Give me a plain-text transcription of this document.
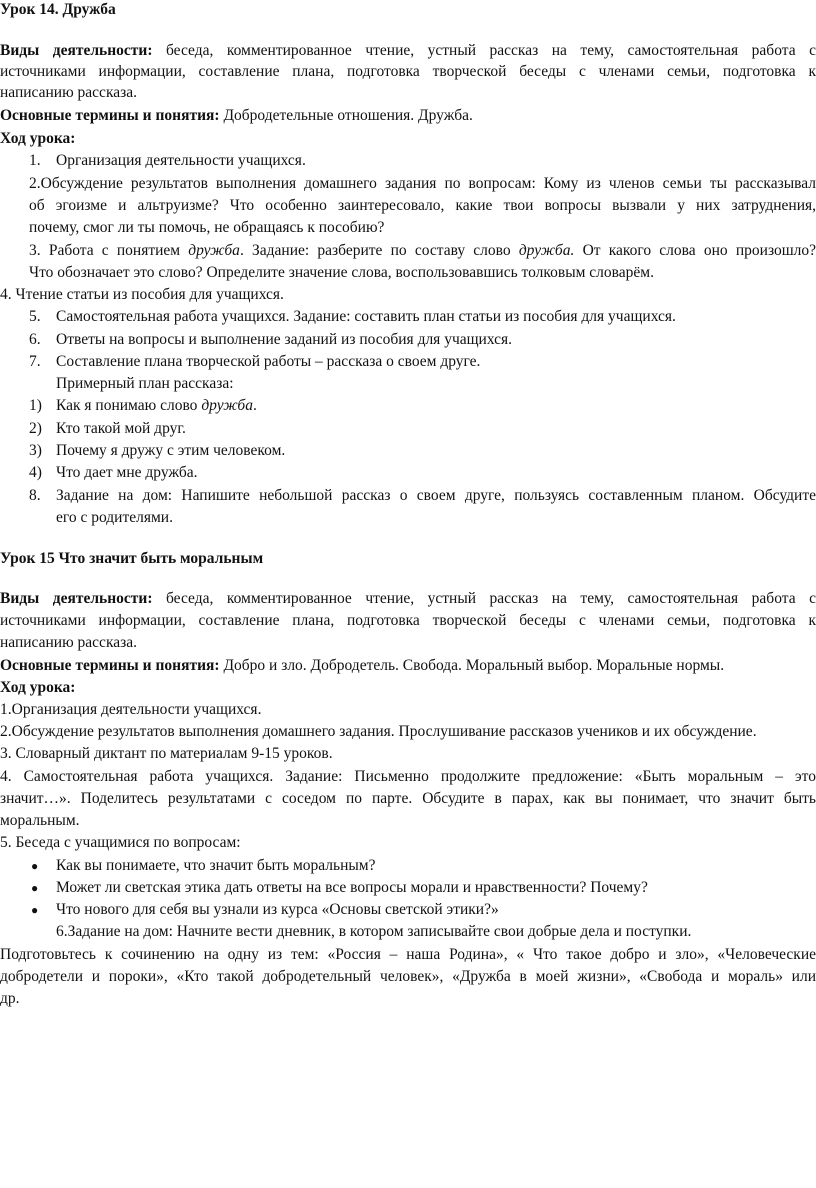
Урок 14. Дружба
Виды деятельности: беседа, комментированное чтение, устный рассказ на тему, самостоятельная работа с
источниками информации, составление плана, подготовка творческой беседы с членами семьи, подготовка к
написанию рассказа.
Основные термины и понятия: Добродетельные отношения. Дружба.
Ход урока:
1. Организация деятельности учащихся.
2.Обсуждение результатов выполнения домашнего задания по вопросам: Кому из членов семьи ты рассказывал
об эгоизме и альтруизме? Что особенно заинтересовало, какие твои вопросы вызвали у них затруднения,
почему, смог ли ты помочь, не обращаясь к пособию?
3. Работа с понятием дружба. Задание: разберите по составу слово дружба. От какого слова оно произошло?
Что обозначает это слово? Определите значение слова, воспользовавшись толковым словарём.
4. Чтение статьи из пособия для учащихся.
5. Самостоятельная работа учащихся. Задание: составить план статьи из пособия для учащихся.
6. Ответы на вопросы и выполнение заданий из пособия для учащихся.
7. Составление плана творческой работы – рассказа о своем друге.
Примерный план рассказа:
1) Как я понимаю слово дружба.
2) Кто такой мой друг.
3) Почему я дружу с этим человеком.
4) Что дает мне дружба.
8. Задание на дом: Напишите небольшой рассказ о своем друге, пользуясь составленным планом. Обсудите
его с родителями.
Урок 15 Что значит быть моральным
Виды деятельности: беседа, комментированное чтение, устный рассказ на тему, самостоятельная работа с
источниками информации, составление плана, подготовка творческой беседы с членами семьи, подготовка к
написанию рассказа.
Основные термины и понятия: Добро и зло. Добродетель. Свобода. Моральный выбор. Моральные нормы.
Ход урока:
1.Организация деятельности учащихся.
2.Обсуждение результатов выполнения домашнего задания. Прослушивание рассказов учеников и их обсуждение.
3. Словарный диктант по материалам 9-15 уроков.
4. Самостоятельная работа учащихся. Задание: Письменно продолжите предложение: «Быть моральным – это
значит…». Поделитесь результатами с соседом по парте. Обсудите в парах, как вы понимает, что значит быть
моральным.
5. Беседа с учащимися по вопросам:
● Как вы понимаете, что значит быть моральным?
● Может ли светская этика дать ответы на все вопросы морали и нравственности? Почему?
● Что нового для себя вы узнали из курса «Основы светской этики?»
6.Задание на дом: Начните вести дневник, в котором записывайте свои добрые дела и поступки.
Подготовьтесь к сочинению на одну из тем: «Россия – наша Родина», « Что такое добро и зло», «Человеческие
добродетели и пороки», «Кто такой добродетельный человек», «Дружба в моей жизни», «Свобода и мораль» или
др.
